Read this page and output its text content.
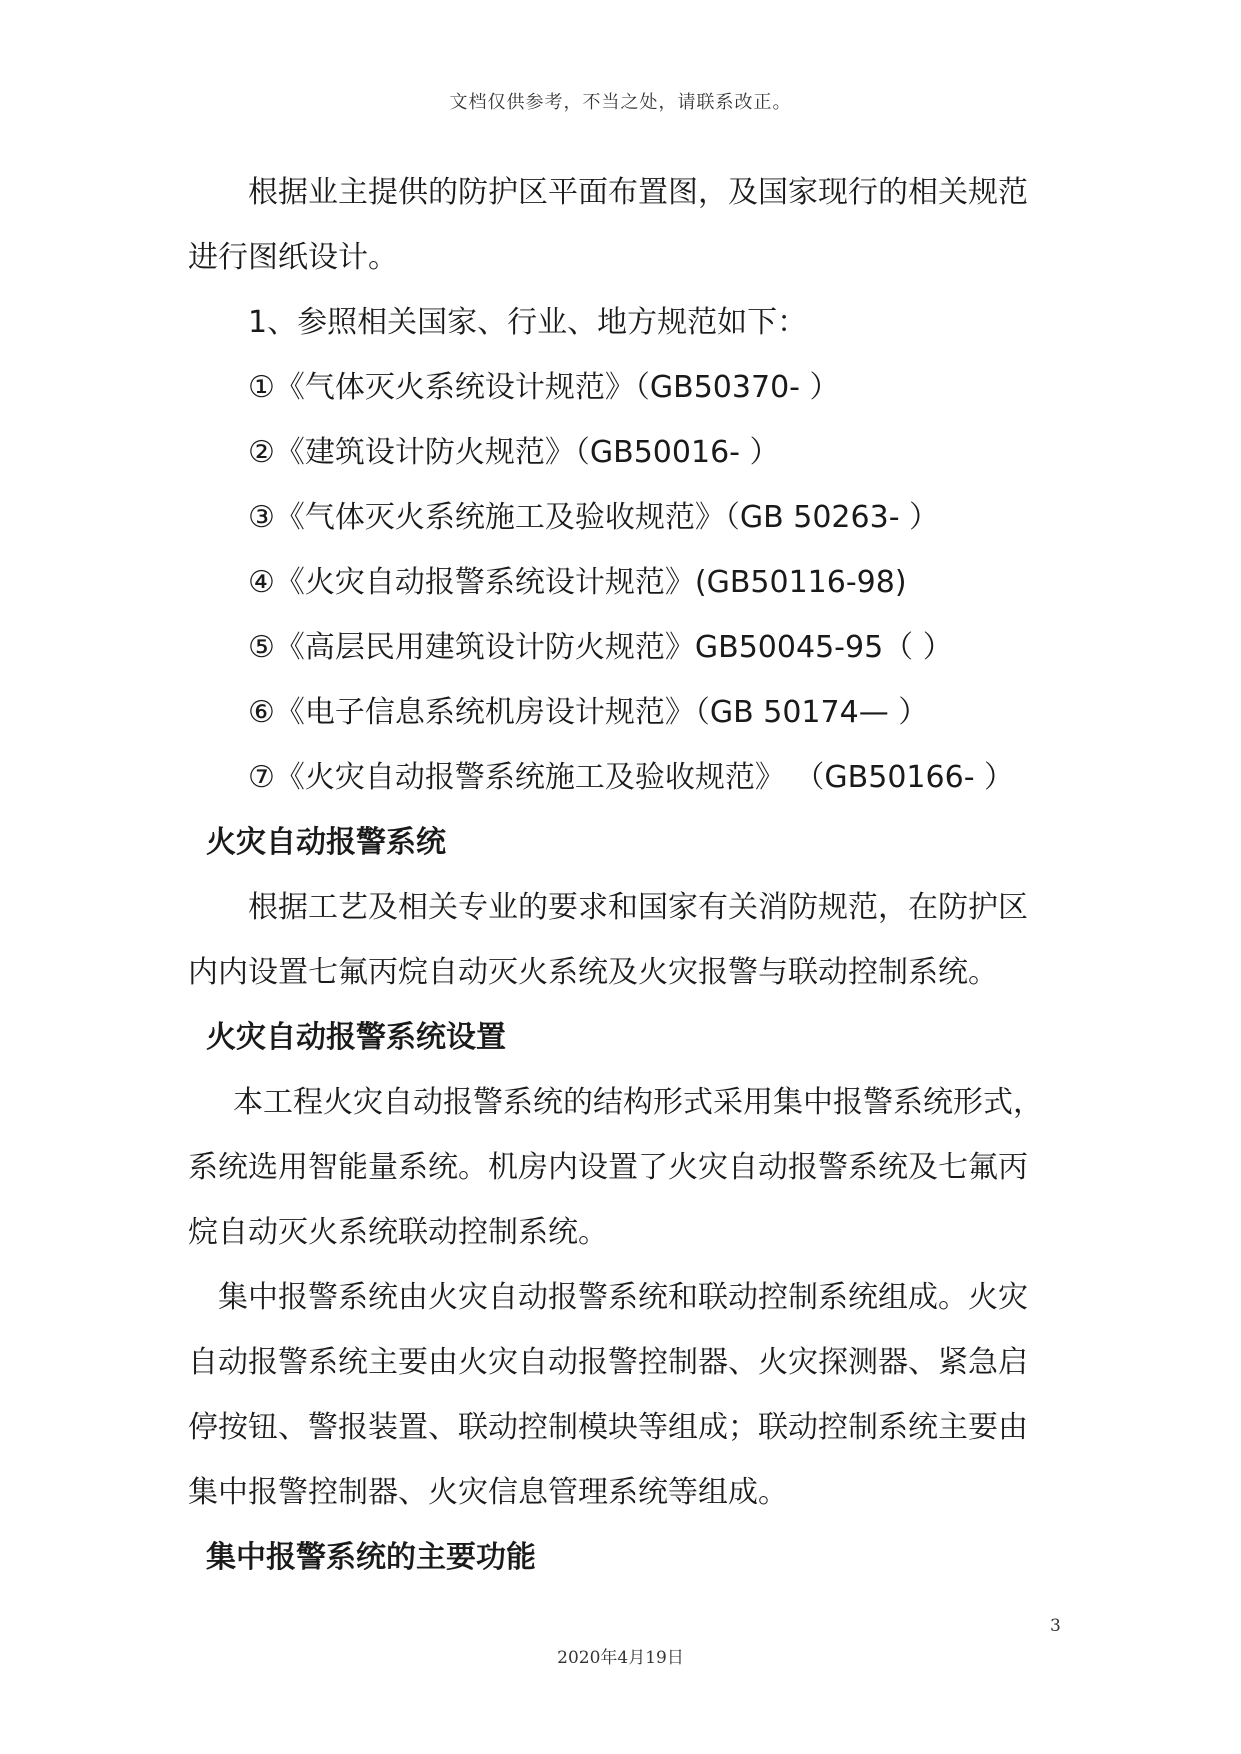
文档仅供参考，不当之处，请联系改正。

根据业主提供的防护区平面布置图，及国家现行的相关规范

进行图纸设计。

1、参照相关国家、行业、地方规范如下：

①《气体灭火系统设计规范》（GB50370- ）

②《建筑设计防火规范》（GB50016- ）

③《气体灭火系统施工及验收规范》（GB 50263- ）

④《火灾自动报警系统设计规范》(GB50116-98)

⑤《高层民用建筑设计防火规范》GB50045-95（ ）

⑥《电子信息系统机房设计规范》（GB 50174— ）

⑦《火灾自动报警系统施工及验收规范》 （GB50166- ）

火灾自动报警系统

根据工艺及相关专业的要求和国家有关消防规范，在防护区

内内设置七氟丙烷自动灭火系统及火灾报警与联动控制系统。

火灾自动报警系统设置

本工程火灾自动报警系统的结构形式采用集中报警系统形式，

系统选用智能量系统。机房内设置了火灾自动报警系统及七氟丙

烷自动灭火系统联动控制系统。

集中报警系统由火灾自动报警系统和联动控制系统组成。火灾

自动报警系统主要由火灾自动报警控制器、火灾探测器、紧急启

停按钮、警报装置、联动控制模块等组成；联动控制系统主要由

集中报警控制器、火灾信息管理系统等组成。

集中报警系统的主要功能

3
2020年4月19日
